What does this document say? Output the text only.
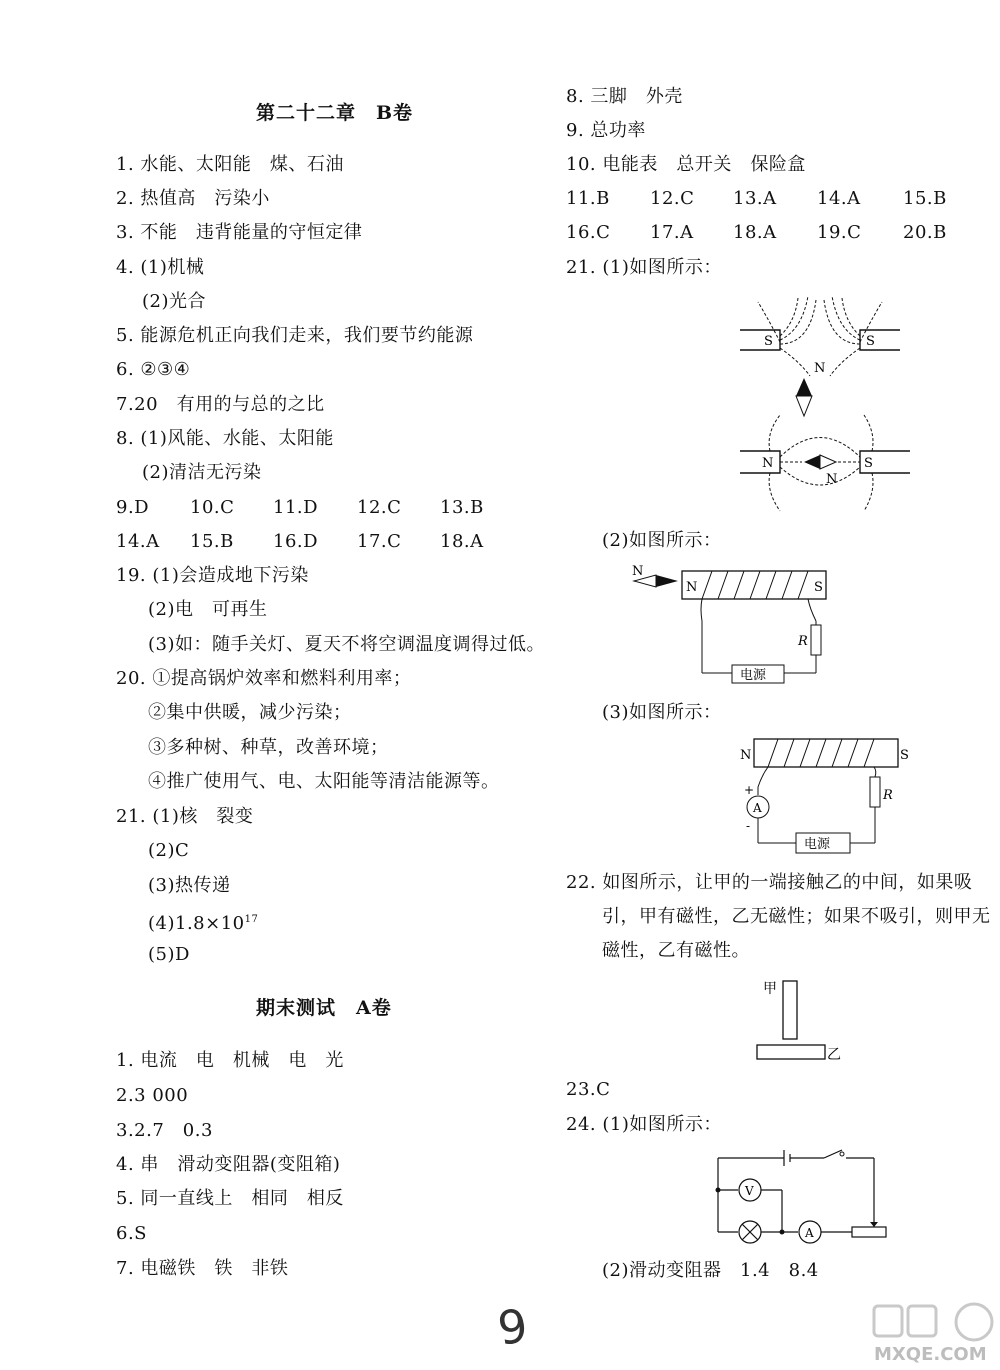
第二十二章　B卷
1. 水能、太阳能　煤、石油
2. 热值高　污染小
3. 不能　违背能量的守恒定律
4. (1)机械
(2)光合
5. 能源危机正向我们走来，我们要节约能源
6. ②③④
7.20　有用的与总的之比
8. (1)风能、水能、太阳能
(2)清洁无污染
9.D 10.C 11.D 12.C 13.B
14.A 15.B 16.D 17.C 18.A
19. (1)会造成地下污染
(2)电　可再生
(3)如：随手关灯、夏天不将空调温度调得过低。
20. ①提高锅炉效率和燃料利用率；
②集中供暖，减少污染；
③多种树、种草，改善环境；
④推广使用气、电、太阳能等清洁能源等。
21. (1)核　裂变
(2)C
(3)热传递
$(4)1.8\times 10^{17}$
(5)D
期末测试　A卷
1. 电流　电　机械　电　光
2.3 000
3.2.7　0.3
4. 串　滑动变阻器(变阻箱)
5. 同一直线上　相同　相反
6.S
7. 电磁铁　铁　非铁
8. 三脚　外壳
9. 总功率
10. 电能表　总开关　保险盒
11.B 12.C 13.A 14.A 15.B
16.C 17.A 18.A 19.C 20.B
21. (1)如图所示：
S	S
N
N	S
N
(2)如图所示：
N
N	S
R
电源
(3)如图所示：
N	S
A
+
-
R
电源
22. 如图所示，让甲的一端接触乙的中间，如果吸
引，甲有磁性，乙无磁性；如果不吸引，则甲无
磁性，乙有磁性。
甲
乙
23.C
24. (1)如图所示：
V
A
(2)滑动变阻器　1.4　8.4
9	MXQE.COM
